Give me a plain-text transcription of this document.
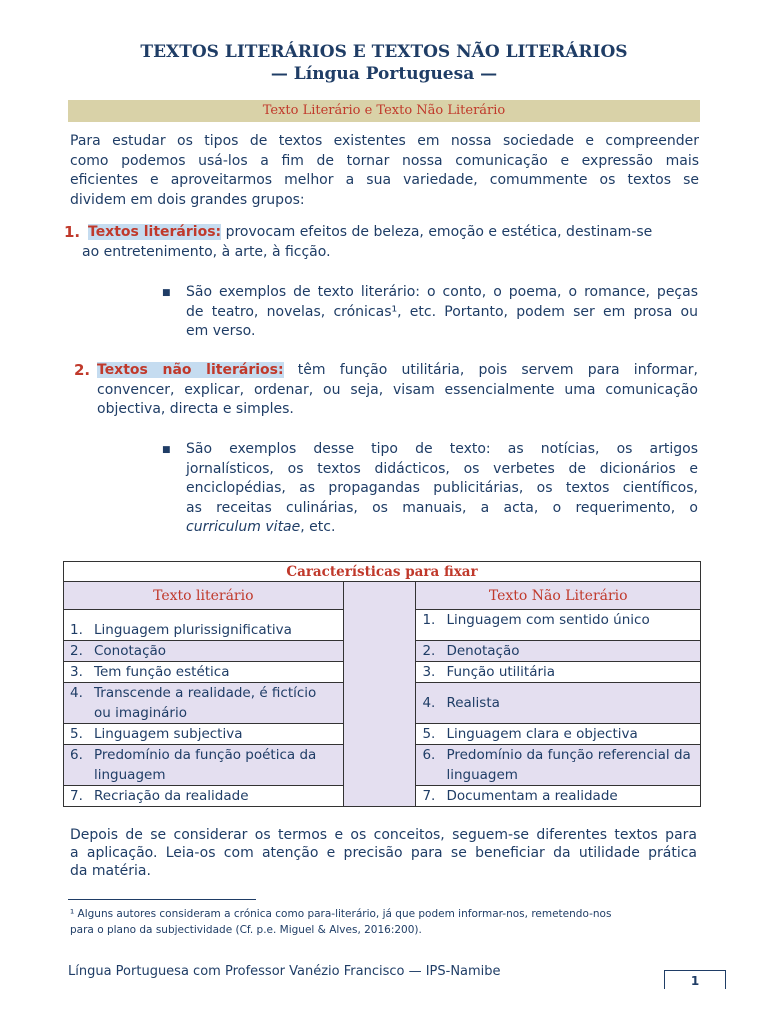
TEXTOS LITERÁRIOS E TEXTOS NÃO LITERÁRIOS
— Língua Portuguesa —
Texto Literário e Texto Não Literário
Para estudar os tipos de textos existentes em nossa sociedade e compreender
como podemos usá-los a fim de tornar nossa comunicação e expressão mais
eficientes e aproveitarmos melhor a sua variedade, comummente os textos se
dividem em dois grandes grupos:
1. Textos literários: provocam efeitos de beleza, emoção e estética, destinam-se
ao entretenimento, à arte, à ficção.
■ São exemplos de texto literário: o conto, o poema, o romance, peças
de teatro, novelas, crónicas¹, etc. Portanto, podem ser em prosa ou
em verso.
2. Textos não literários: têm função utilitária, pois servem para informar,
convencer, explicar, ordenar, ou seja, visam essencialmente uma comunicação
objectiva, directa e simples.
■ São exemplos desse tipo de texto: as notícias, os artigos
jornalísticos, os textos didácticos, os verbetes de dicionários e
enciclopédias, as propagandas publicitárias, os textos científicos,
as receitas culinárias, os manuais, a acta, o requerimento, o
curriculum vitae, etc.
Características para fixar		
Texto literário		Texto Não Literário

1. Linguagem plurissignificativa		1. Linguagem com sentido único

2. Conotação		2. Denotação

3. Tem função estética		3. Função utilitária

4. Transcende a realidade, é fictício ou imaginário		4. Realista

5. Linguagem subjectiva		5. Linguagem clara e objectiva

6. Predomínio da função poética da linguagem		6. Predomínio da função referencial da linguagem

7. Recriação da realidade		7. Documentam a realidade
Depois de se considerar os termos e os conceitos, seguem-se diferentes textos para
a aplicação. Leia-os com atenção e precisão para se beneficiar da utilidade prática
da matéria.
¹ Alguns autores consideram a crónica como para-literário, já que podem informar-nos, remetendo-nos
para o plano da subjectividade (Cf. p.e. Miguel & Alves, 2016:200).
Língua Portuguesa com Professor Vanézio Francisco — IPS-Namibe
1
